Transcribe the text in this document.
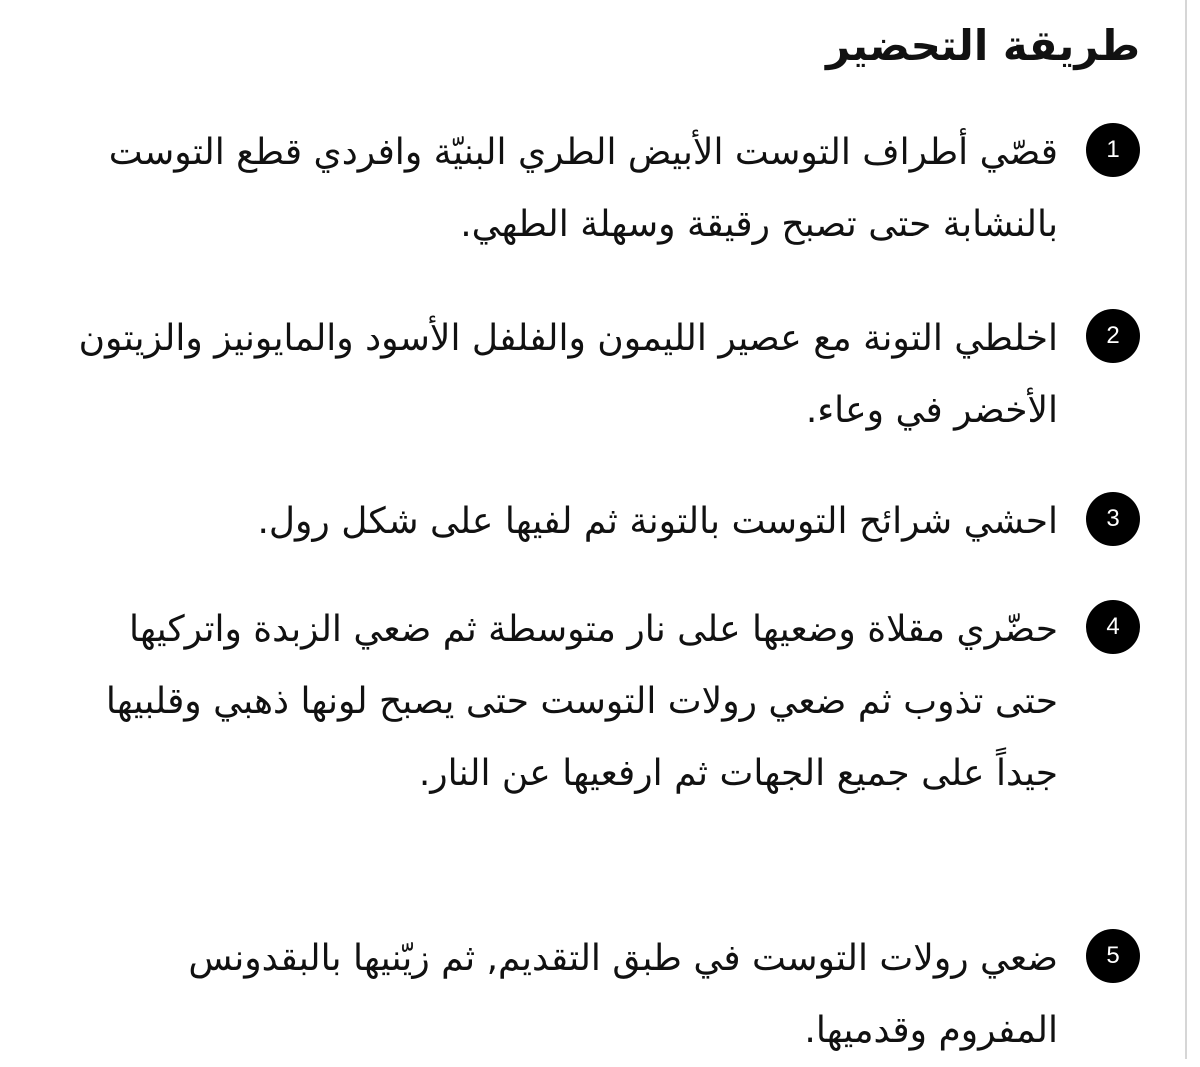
طريقة التحضير
1

قصّي أطراف التوست الأبيض الطري البنيّة وافردي قطع التوست بالنشابة حتى تصبح رقيقة وسهلة الطهي.

2

اخلطي التونة مع عصير الليمون والفلفل الأسود والمايونيز والزيتون الأخضر في وعاء.

3

احشي شرائح التوست بالتونة ثم لفيها على شكل رول.

4

حضّري مقلاة وضعيها على نار متوسطة ثم ضعي الزبدة واتركيها حتى تذوب ثم ضعي رولات التوست حتى يصبح لونها ذهبي وقلبيها جيداً على جميع الجهات ثم ارفعيها عن النار.

5

ضعي رولات التوست في طبق التقديم, ثم زيّنيها بالبقدونس المفروم وقدميها.
